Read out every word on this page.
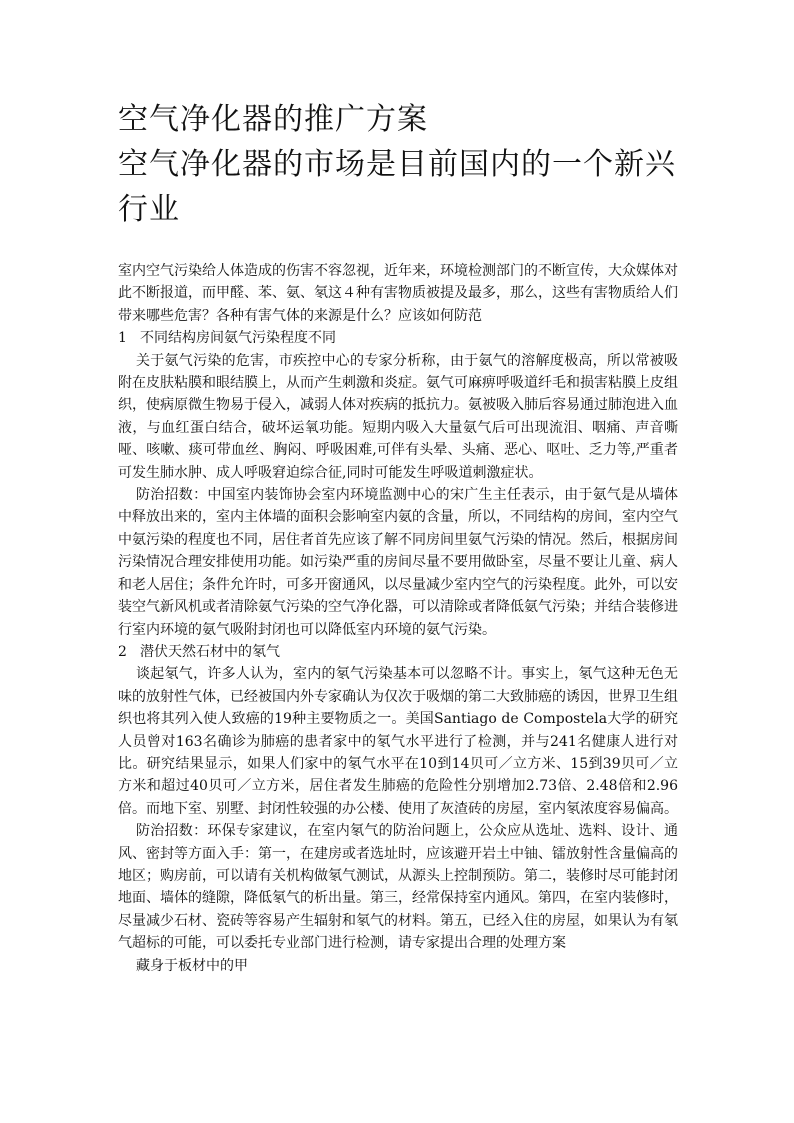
空气净化器的推广方案
空气净化器的市场是目前国内的一个新兴行业

室内空气污染给人体造成的伤害不容忽视，近年来，环境检测部门的不断宣传，大众媒体对此不断报道，而甲醛、苯、氨、氡这４种有害物质被提及最多，那么，这些有害物质给人们带来哪些危害？各种有害气体的来源是什么？应该如何防范

1 不同结构房间氨气污染程度不同

关于氨气污染的危害，市疾控中心的专家分析称，由于氨气的溶解度极高，所以常被吸附在皮肤粘膜和眼结膜上，从而产生刺激和炎症。氨气可麻痹呼吸道纤毛和损害粘膜上皮组织，使病原微生物易于侵入，减弱人体对疾病的抵抗力。氨被吸入肺后容易通过肺泡进入血液，与血红蛋白结合，破坏运氧功能。短期内吸入大量氨气后可出现流泪、咽痛、声音嘶哑、咳嗽、痰可带血丝、胸闷、呼吸困难,可伴有头晕、头痛、恶心、呕吐、乏力等,严重者可发生肺水肿、成人呼吸窘迫综合征,同时可能发生呼吸道刺激症状。

防治招数：中国室内装饰协会室内环境监测中心的宋广生主任表示，由于氨气是从墙体中释放出来的，室内主体墙的面积会影响室内氨的含量，所以，不同结构的房间，室内空气中氨污染的程度也不同，居住者首先应该了解不同房间里氨气污染的情况。然后，根据房间污染情况合理安排使用功能。如污染严重的房间尽量不要用做卧室，尽量不要让儿童、病人和老人居住；条件允许时，可多开窗通风，以尽量减少室内空气的污染程度。此外，可以安装空气新风机或者清除氨气污染的空气净化器，可以清除或者降低氨气污染；并结合装修进行室内环境的氨气吸附封闭也可以降低室内环境的氨气污染。

2 潜伏天然石材中的氡气

谈起氡气，许多人认为，室内的氡气污染基本可以忽略不计。事实上，氡气这种无色无味的放射性气体，已经被国内外专家确认为仅次于吸烟的第二大致肺癌的诱因，世界卫生组织也将其列入使人致癌的19种主要物质之一。美国Santiago de Compostela大学的研究人员曾对163名确诊为肺癌的患者家中的氡气水平进行了检测，并与241名健康人进行对比。研究结果显示，如果人们家中的氡气水平在10到14贝可／立方米、15到39贝可／立方米和超过40贝可／立方米，居住者发生肺癌的危险性分别增加2.73倍、2.48倍和2.96倍。而地下室、别墅、封闭性较强的办公楼、使用了灰渣砖的房屋，室内氡浓度容易偏高。

防治招数：环保专家建议，在室内氡气的防治问题上，公众应从选址、选料、设计、通风、密封等方面入手：第一，在建房或者选址时，应该避开岩土中铀、镭放射性含量偏高的地区；购房前，可以请有关机构做氡气测试，从源头上控制预防。第二，装修时尽可能封闭地面、墙体的缝隙，降低氡气的析出量。第三，经常保持室内通风。第四，在室内装修时，尽量减少石材、瓷砖等容易产生辐射和氡气的材料。第五，已经入住的房屋，如果认为有氡气超标的可能，可以委托专业部门进行检测，请专家提出合理的处理方案

藏身于板材中的甲
